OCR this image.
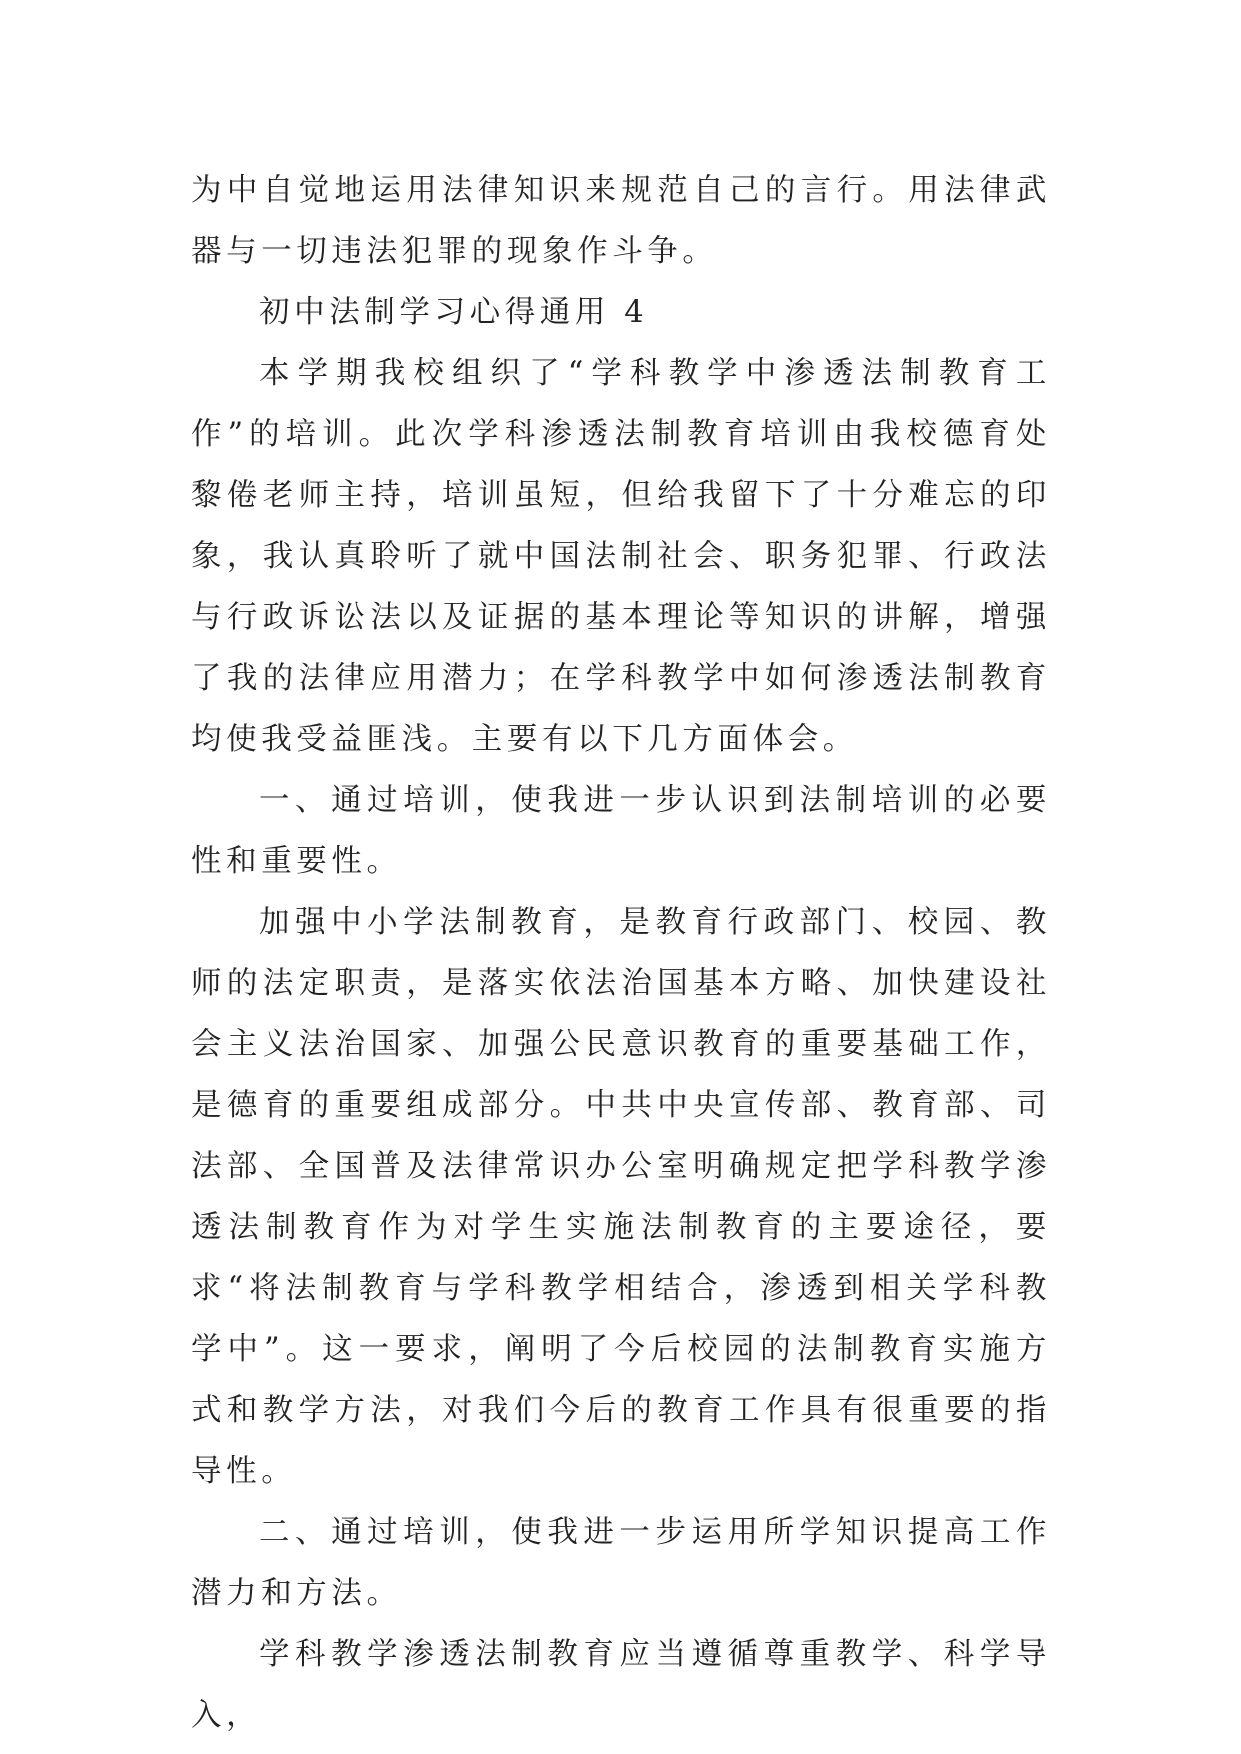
为中自觉地运用法律知识来规范自己的言行。用法律武器与一切违法犯罪的现象作斗争。

初中法制学习心得通用 4

本学期我校组织了“学科教学中渗透法制教育工作”的培训。此次学科渗透法制教育培训由我校德育处黎倦老师主持，培训虽短，但给我留下了十分难忘的印象，我认真聆听了就中国法制社会、职务犯罪、行政法与行政诉讼法以及证据的基本理论等知识的讲解，增强了我的法律应用潜力；在学科教学中如何渗透法制教育均使我受益匪浅。主要有以下几方面体会。

一、通过培训，使我进一步认识到法制培训的必要性和重要性。

加强中小学法制教育，是教育行政部门、校园、教师的法定职责，是落实依法治国基本方略、加快建设社会主义法治国家、加强公民意识教育的重要基础工作，是德育的重要组成部分。中共中央宣传部、教育部、司法部、全国普及法律常识办公室明确规定把学科教学渗透法制教育作为对学生实施法制教育的主要途径，要求“将法制教育与学科教学相结合，渗透到相关学科教学中”。这一要求，阐明了今后校园的法制教育实施方式和教学方法，对我们今后的教育工作具有很重要的指导性。

二、通过培训，使我进一步运用所学知识提高工作潜力和方法。

学科教学渗透法制教育应当遵循尊重教学、科学导入，
